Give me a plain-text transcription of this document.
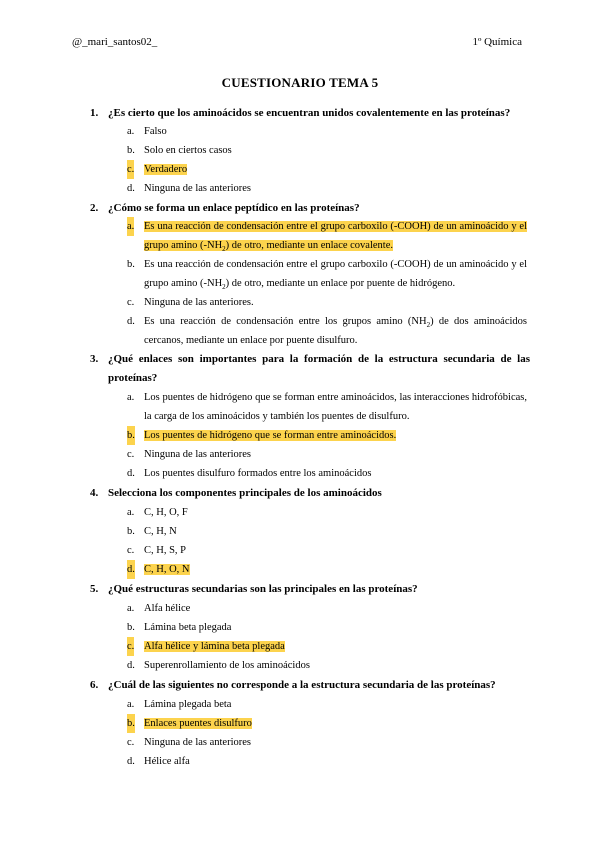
@_mari_santos02_	1º Química
CUESTIONARIO TEMA 5
1. ¿Es cierto que los aminoácidos se encuentran unidos covalentemente en las proteínas?
a. Falso
b. Solo en ciertos casos
c. Verdadero
d. Ninguna de las anteriores
2. ¿Cómo se forma un enlace peptídico en las proteínas?
a. Es una reacción de condensación entre el grupo carboxilo (-COOH) de un aminoácido y el grupo amino $(-NH_2)$ de otro, mediante un enlace covalente.
b. Es una reacción de condensación entre el grupo carboxilo (-COOH) de un aminoácido y el grupo amino $(-NH_2)$ de otro, mediante un enlace por puente de hidrógeno.
c. Ninguna de las anteriores.
d. Es una reacción de condensación entre los grupos amino $(NH_2)$ de dos aminoácidos cercanos, mediante un enlace por puente disulfuro.
3. ¿Qué enlaces son importantes para la formación de la estructura secundaria de las proteínas?
a. Los puentes de hidrógeno que se forman entre aminoácidos, las interacciones hidrofóbicas, la carga de los aminoácidos y también los puentes de disulfuro.
b. Los puentes de hidrógeno que se forman entre aminoácidos.
c. Ninguna de las anteriores
d. Los puentes disulfuro formados entre los aminoácidos
4. Selecciona los componentes principales de los aminoácidos
a. C, H, O, F
b. C, H, N
c. C, H, S, P
d. C, H, O, N
5. ¿Qué estructuras secundarias son las principales en las proteínas?
a. Alfa hélice
b. Lámina beta plegada
c. Alfa hélice y lámina beta plegada
d. Superenrollamiento de los aminoácidos
6. ¿Cuál de las siguientes no corresponde a la estructura secundaria de las proteínas?
a. Lámina plegada beta
b. Enlaces puentes disulfuro
c. Ninguna de las anteriores
d. Hélice alfa
